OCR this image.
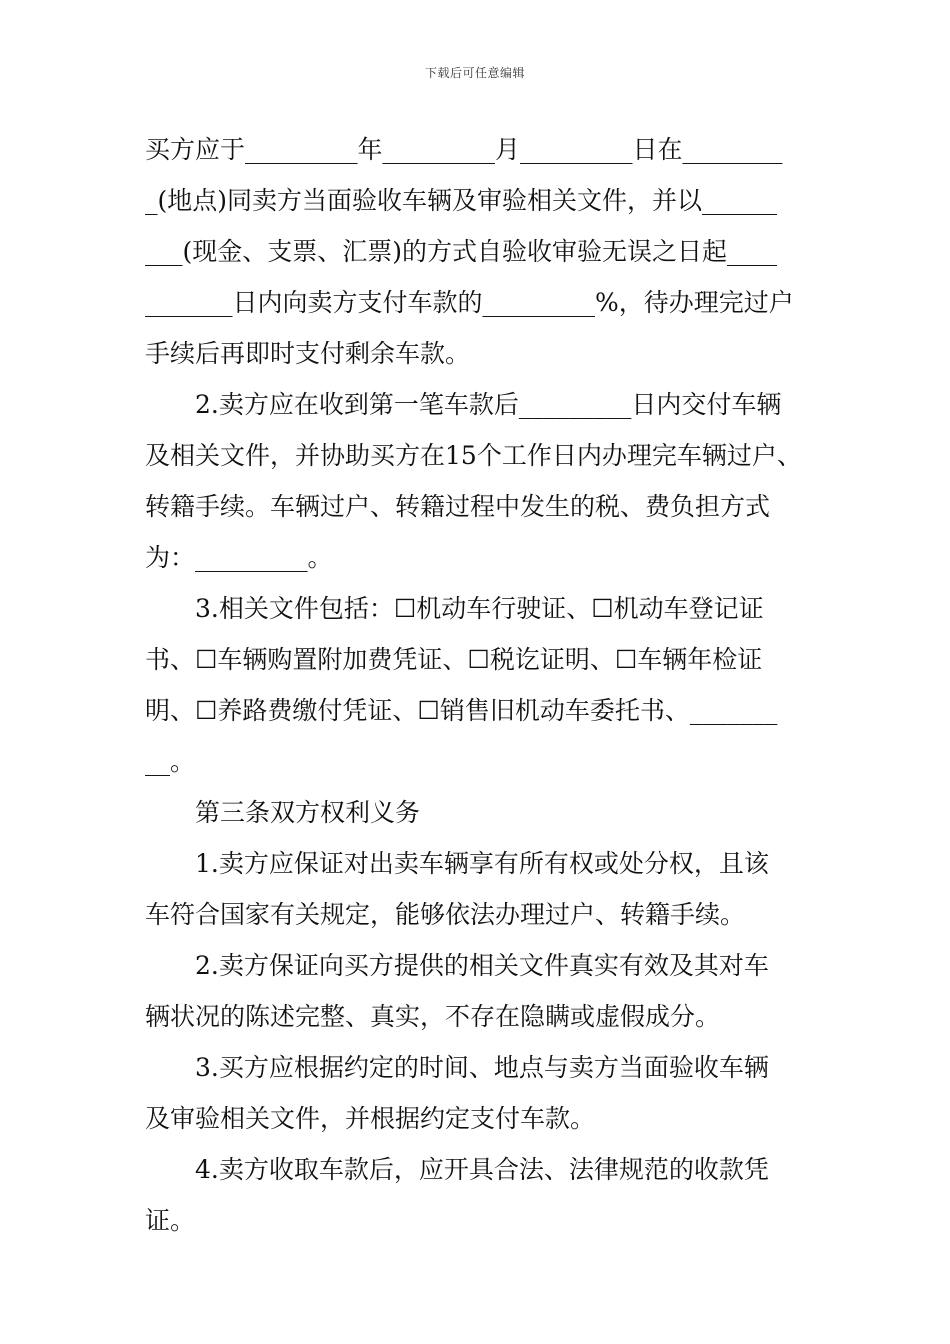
下载后可任意编辑
买方应于_________年_________月_________日在________
_(地点)同卖方当面验收车辆及审验相关文件，并以______
___(现金、支票、汇票)的方式自验收审验无误之日起____
_______日内向卖方支付车款的_________%，待办理完过户
手续后再即时支付剩余车款。
2.卖方应在收到第一笔车款后_________日内交付车辆
及相关文件，并协助买方在15个工作日内办理完车辆过户、
转籍手续。车辆过户、转籍过程中发生的税、费负担方式
为：_________。
3.相关文件包括：☐机动车行驶证、☐机动车登记证
书、☐车辆购置附加费凭证、☐税讫证明、☐车辆年检证
明、☐养路费缴付凭证、☐销售旧机动车委托书、_______
__。
第三条双方权利义务
1.卖方应保证对出卖车辆享有所有权或处分权，且该
车符合国家有关规定，能够依法办理过户、转籍手续。
2.卖方保证向买方提供的相关文件真实有效及其对车
辆状况的陈述完整、真实，不存在隐瞒或虚假成分。
3.买方应根据约定的时间、地点与卖方当面验收车辆
及审验相关文件，并根据约定支付车款。
4.卖方收取车款后，应开具合法、法律规范的收款凭
证。
